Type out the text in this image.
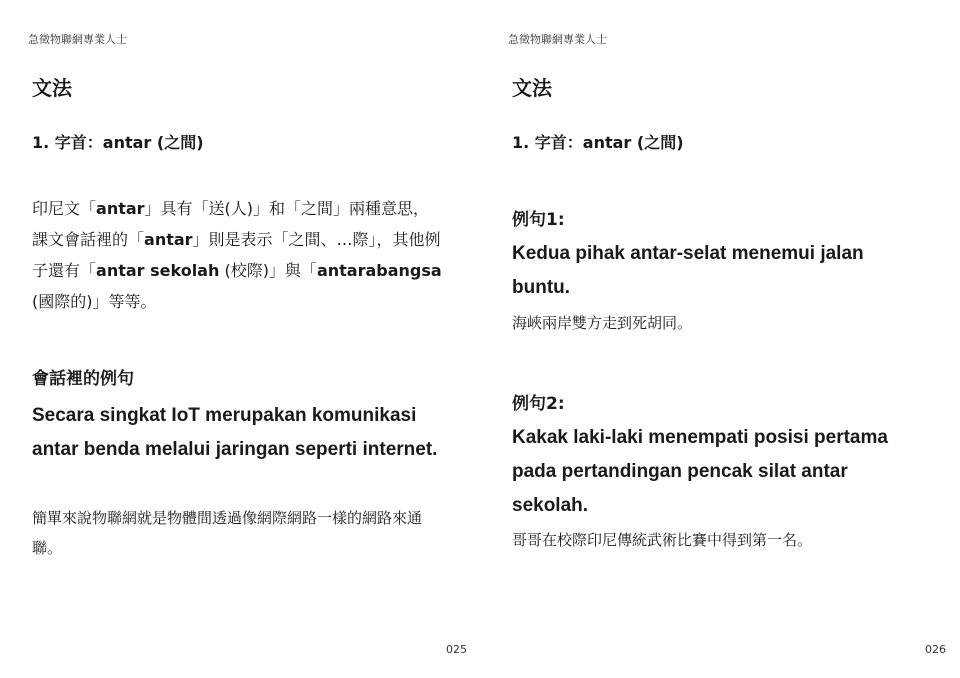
急徵物聯網專業人士
文法
1. 字首：antar (之間)
印尼文「antar」具有「送(人)」和「之間」兩種意思，課文會話裡的「antar」則是表示「之間、…際」，其他例子還有「antar sekolah (校際)」與「antarabangsa (國際的)」等等。
會話裡的例句
Secara singkat IoT merupakan komunikasi antar benda melalui jaringan seperti internet.
簡單來說物聯網就是物體間透過像網際網路一樣的網路來通聯。
025
急徵物聯網專業人士
文法
1. 字首：antar (之間)
例句1:
Kedua pihak antar-selat menemui jalan buntu.
海峽兩岸雙方走到死胡同。
例句2:
Kakak laki-laki menempati posisi pertama pada pertandingan pencak silat antar sekolah.
哥哥在校際印尼傳統武術比賽中得到第一名。
026
